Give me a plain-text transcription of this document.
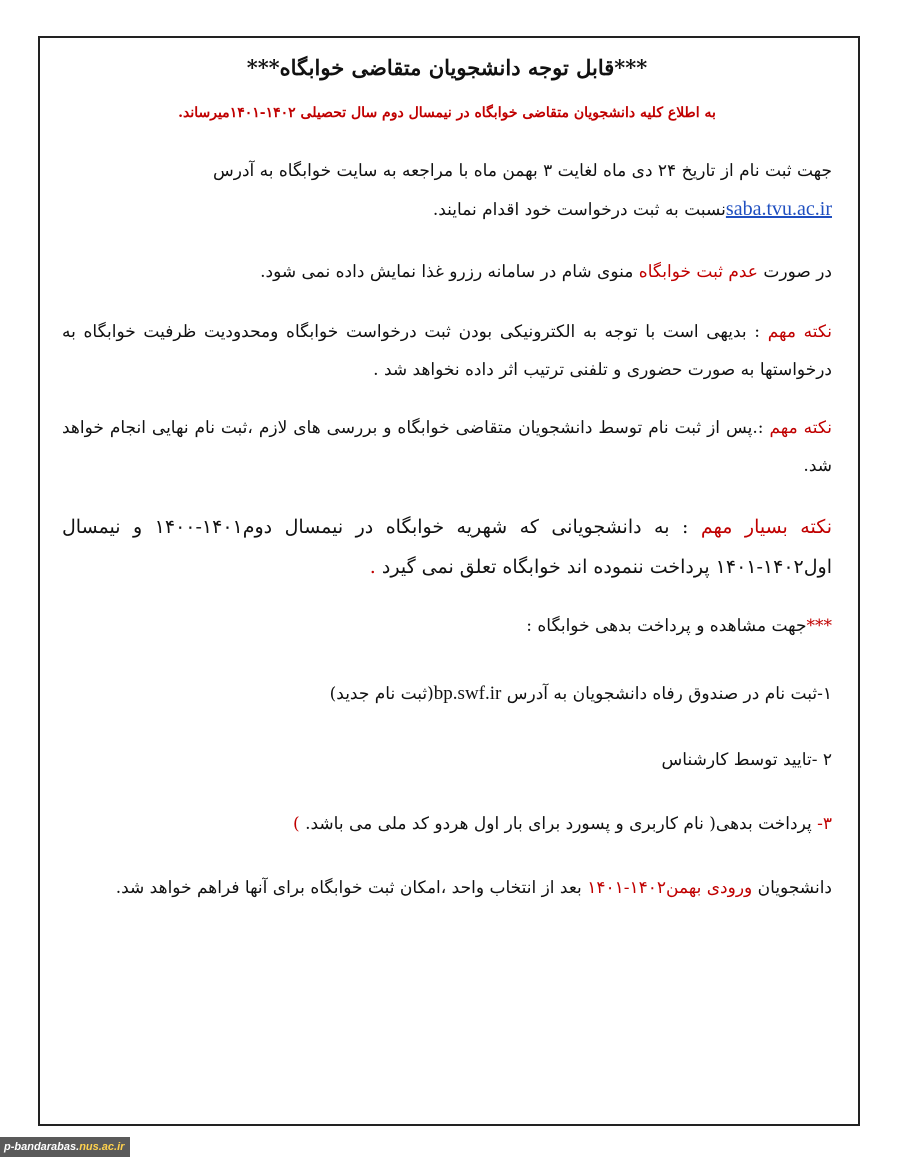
***قابل توجه دانشجویان متقاضی خوابگاه***
به اطلاع کلیه دانشجویان متقاضی خوابگاه در نیمسال دوم سال تحصیلی ۱۴۰۲-۱۴۰۱میرساند.
جهت ثبت نام از تاریخ ۲۴ دی ماه لغایت ۳ بهمن ماه با مراجعه به سایت خوابگاه به آدرس
saba.tvu.ac.irنسبت به ثبت درخواست خود اقدام نمایند.
در صورت عدم ثبت خوابگاه منوی شام در سامانه رزرو غذا نمایش داده نمی شود.
نکته مهم : بدیهی است با توجه به الکترونیکی بودن ثبت درخواست خوابگاه ومحدودیت ظرفیت خوابگاه به درخواستها به صورت حضوری و تلفنی ترتیب اثر داده نخواهد شد .
نکته مهم :.پس از ثبت نام توسط دانشجویان متقاضی خوابگاه و بررسی های لازم ،ثبت نام نهایی انجام خواهد شد.
نکته بسیار مهم : به دانشجویانی که شهریه خوابگاه در نیمسال دوم۱۴۰۱-۱۴۰۰ و نیمسال اول۱۴۰۲-۱۴۰۱ پرداخت ننموده اند خوابگاه تعلق نمی گیرد .
***جهت مشاهده و پرداخت بدهی خوابگاه :
۱-ثبت نام در صندوق رفاه دانشجویان به آدرس bp.swf.ir(ثبت نام جدید)
۲ -تایید توسط کارشناس
۳- پرداخت بدهی( نام کاربری و پسورد برای بار اول هردو کد ملی می باشد. )
دانشجویان ورودی بهمن۱۴۰۲-۱۴۰۱ بعد از انتخاب واحد ،امکان ثبت خوابگاه برای آنها فراهم خواهد شد.
p-bandarabas.nus.ac.ir
